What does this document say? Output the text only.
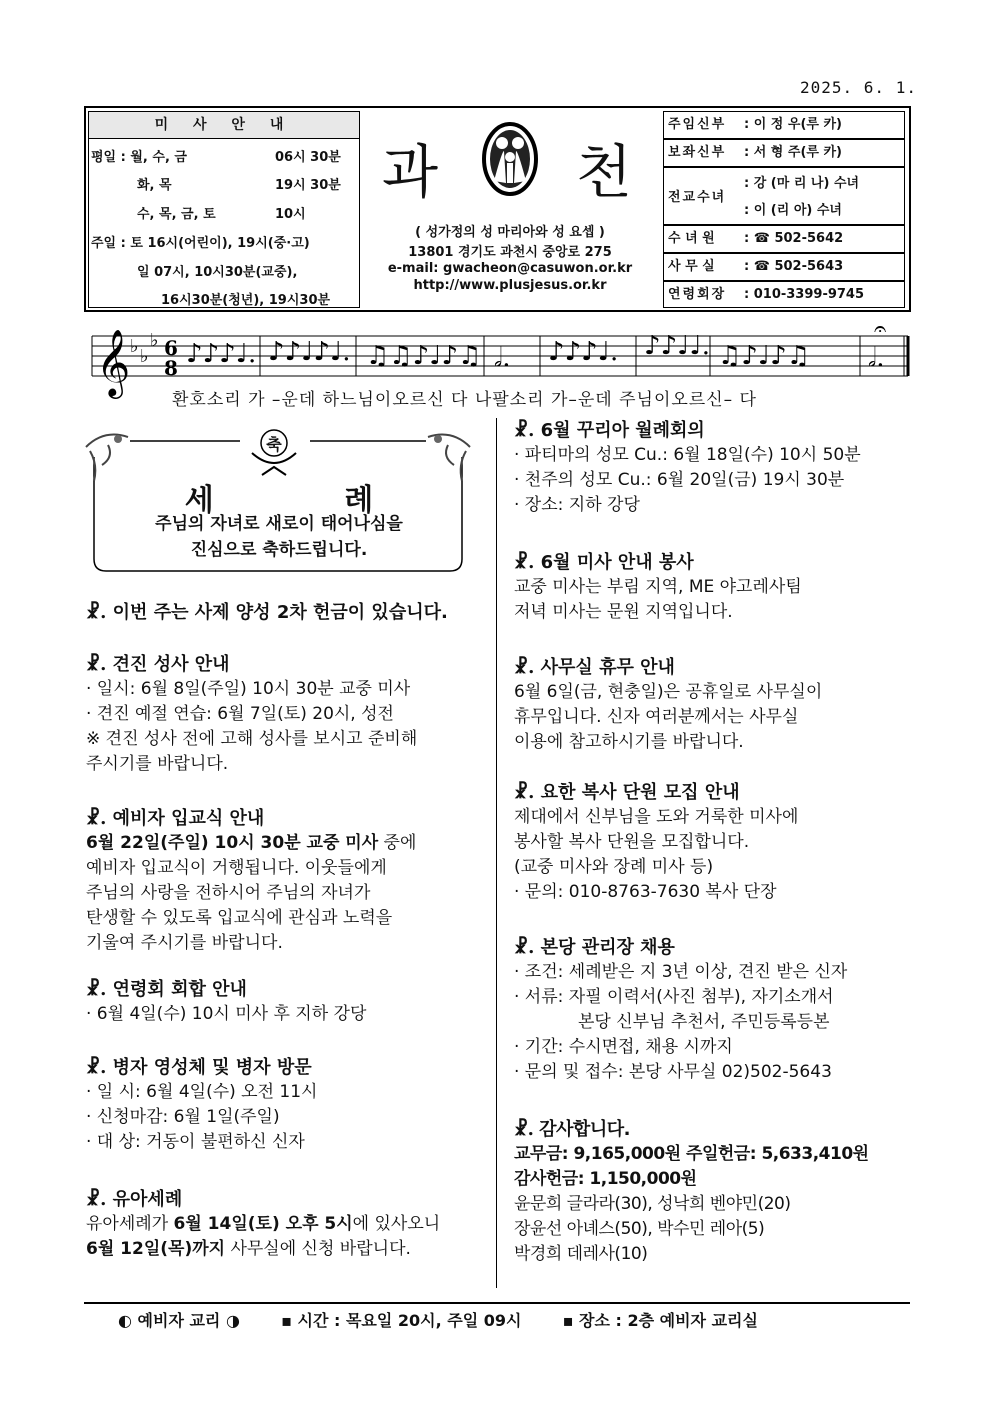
2025. 6. 1.
미 사 안 내
평일 : 월, 수, 금	06시 30분
화, 목	19시 30분
수, 목, 금, 토	10시
주일 : 토 16시(어린이), 19시(중·고)
일 07시, 10시30분(교중),
16시30분(청년), 19시30분
과 천
( 성가정의 성 마리아와 성 요셉 )
13801 경기도 과천시 중앙로 275
e-mail: gwacheon@casuwon.or.kr
http://www.plusjesus.or.kr
주임신부 : 이 정 우(루 카)
보좌신부 : 서 형 주(루 카)
전교수녀
: 강 (마 리 나) 수녀
: 이 (리 아) 수녀
수 녀 원 : ☎ 502-5642
사 무 실 : ☎ 502-5643
연령회장 : 010-3399-9745
𝄞 ♭ ♭
♭ 6
8 ♪♪♪♩. ♪♪♩♪♩. ♫♫♪♩♪♫ 𝅗𝅥. ♪♪♪♩. ♪♪♩♩. ♫♪♩♪♫ 𝅗𝅥.
𝄐
환호소리 가 –운데 하느님이오르신 다 나팔소리 가–운데 주님이오르신– 다
축
세 례
주님의 자녀로 새로이 태어나심을
진심으로 축하드립니다.
☧. 이번 주는 사제 양성 2차 헌금이 있습니다.
☧. 견진 성사 안내
· 일시: 6월 8일(주일) 10시 30분 교중 미사
· 견진 예절 연습: 6월 7일(토) 20시, 성전
※ 견진 성사 전에 고해 성사를 보시고 준비해
주시기를 바랍니다.
☧. 예비자 입교식 안내
6월 22일(주일) 10시 30분 교중 미사 중에
예비자 입교식이 거행됩니다. 이웃들에게
주님의 사랑을 전하시어 주님의 자녀가
탄생할 수 있도록 입교식에 관심과 노력을
기울여 주시기를 바랍니다.
☧. 연령회 회합 안내
· 6월 4일(수) 10시 미사 후 지하 강당
☧. 병자 영성체 및 병자 방문
· 일 시: 6월 4일(수) 오전 11시
· 신청마감: 6월 1일(주일)
· 대 상: 거동이 불편하신 신자
☧. 유아세례
유아세례가 6월 14일(토) 오후 5시에 있사오니
6월 12일(목)까지 사무실에 신청 바랍니다.
☧. 6월 꾸리아 월례회의
· 파티마의 성모 Cu.: 6월 18일(수) 10시 50분
· 천주의 성모 Cu.: 6월 20일(금) 19시 30분
· 장소: 지하 강당
☧. 6월 미사 안내 봉사
교중 미사는 부림 지역, ME 야고레사팀
저녁 미사는 문원 지역입니다.
☧. 사무실 휴무 안내
6월 6일(금, 현충일)은 공휴일로 사무실이
휴무입니다. 신자 여러분께서는 사무실
이용에 참고하시기를 바랍니다.
☧. 요한 복사 단원 모집 안내
제대에서 신부님을 도와 거룩한 미사에
봉사할 복사 단원을 모집합니다.
(교중 미사와 장례 미사 등)
· 문의: 010-8763-7630 복사 단장
☧. 본당 관리장 채용
· 조건: 세례받은 지 3년 이상, 견진 받은 신자
· 서류: 자필 이력서(사진 첨부), 자기소개서
본당 신부님 추천서, 주민등록등본
· 기간: 수시면접, 채용 시까지
· 문의 및 접수: 본당 사무실 02)502-5643
☧. 감사합니다.
교무금: 9,165,000원 주일헌금: 5,633,410원
감사헌금: 1,150,000원
윤문희 글라라(30), 성낙희 벤야민(20)
장윤선 아녜스(50), 박수민 레아(5)
박경희 데레사(10)
◐ 예비자 교리 ◑	▪ 시간 : 목요일 20시, 주일 09시	▪ 장소 : 2층 예비자 교리실
